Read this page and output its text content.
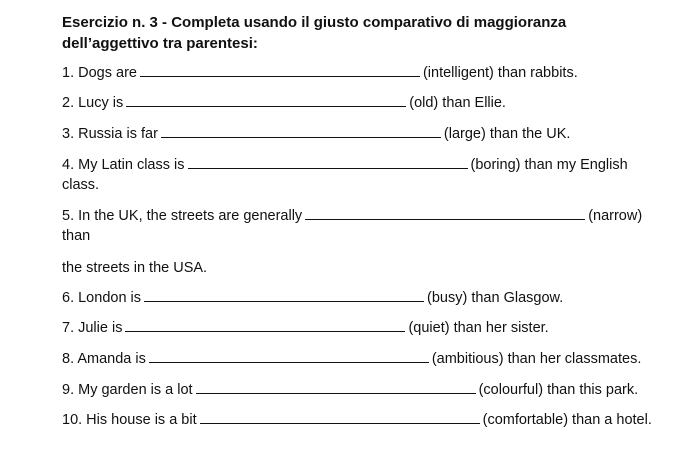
Esercizio n. 3 - Completa usando il giusto comparativo di maggioranza
dell’aggettivo tra parentesi:
1. Dogs are	(intelligent) than rabbits.
2. Lucy is	(old) than Ellie.
3. Russia is far	(large) than the UK.
4. My Latin class is	(boring) than my English
class.
5. In the UK, the streets are generally	(narrow)
than
the streets in the USA.
6. London is	(busy) than Glasgow.
7. Julie is	(quiet) than her sister.
8. Amanda is	(ambitious) than her classmates.
9. My garden is a lot	(colourful) than this park.
10. His house is a bit	(comfortable) than a hotel.
